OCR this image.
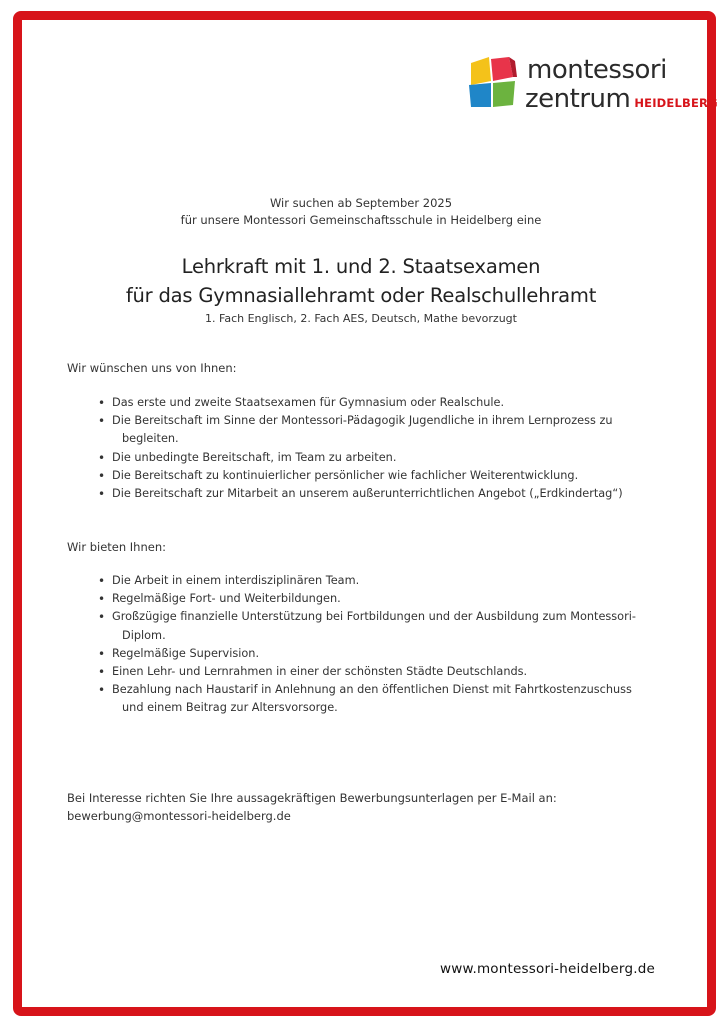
montessori
zentrum HEIDELBERG
Wir suchen ab September 2025
für unsere Montessori Gemeinschaftsschule in Heidelberg eine
Lehrkraft mit 1. und 2. Staatsexamen
für das Gymnasiallehramt oder Realschullehramt
1. Fach Englisch, 2. Fach AES, Deutsch, Mathe bevorzugt
Wir wünschen uns von Ihnen:
• Das erste und zweite Staatsexamen für Gymnasium oder Realschule.
• Die Bereitschaft im Sinne der Montessori-Pädagogik Jugendliche in ihrem Lernprozess zu
begleiten.
• Die unbedingte Bereitschaft, im Team zu arbeiten.
• Die Bereitschaft zu kontinuierlicher persönlicher wie fachlicher Weiterentwicklung.
• Die Bereitschaft zur Mitarbeit an unserem außerunterrichtlichen Angebot („Erdkindertag“)
Wir bieten Ihnen:
• Die Arbeit in einem interdisziplinären Team.
• Regelmäßige Fort- und Weiterbildungen.
• Großzügige finanzielle Unterstützung bei Fortbildungen und der Ausbildung zum Montessori-
Diplom.
• Regelmäßige Supervision.
• Einen Lehr- und Lernrahmen in einer der schönsten Städte Deutschlands.
• Bezahlung nach Haustarif in Anlehnung an den öffentlichen Dienst mit Fahrtkostenzuschuss
und einem Beitrag zur Altersvorsorge.
Bei Interesse richten Sie Ihre aussagekräftigen Bewerbungsunterlagen per E-Mail an:
bewerbung@montessori-heidelberg.de
www.montessori-heidelberg.de
